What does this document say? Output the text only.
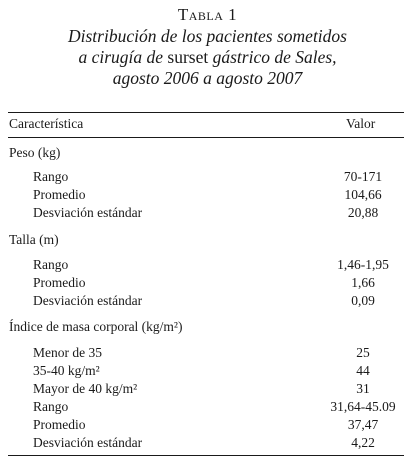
Tabla 1
Distribución de los pacientes sometidos
a cirugía de surset gástrico de Sales,
agosto 2006 a agosto 2007
Característica	Valor
Peso (kg)
Rango	70-171
Promedio	104,66
Desviación estándar	20,88
Talla (m)
Rango	1,46-1,95
Promedio	1,66
Desviación estándar	0,09
Índice de masa corporal (kg/m²)
Menor de 35	25
35-40 kg/m²	44
Mayor de 40 kg/m²	31
Rango	31,64-45.09
Promedio	37,47
Desviación estándar	4,22
